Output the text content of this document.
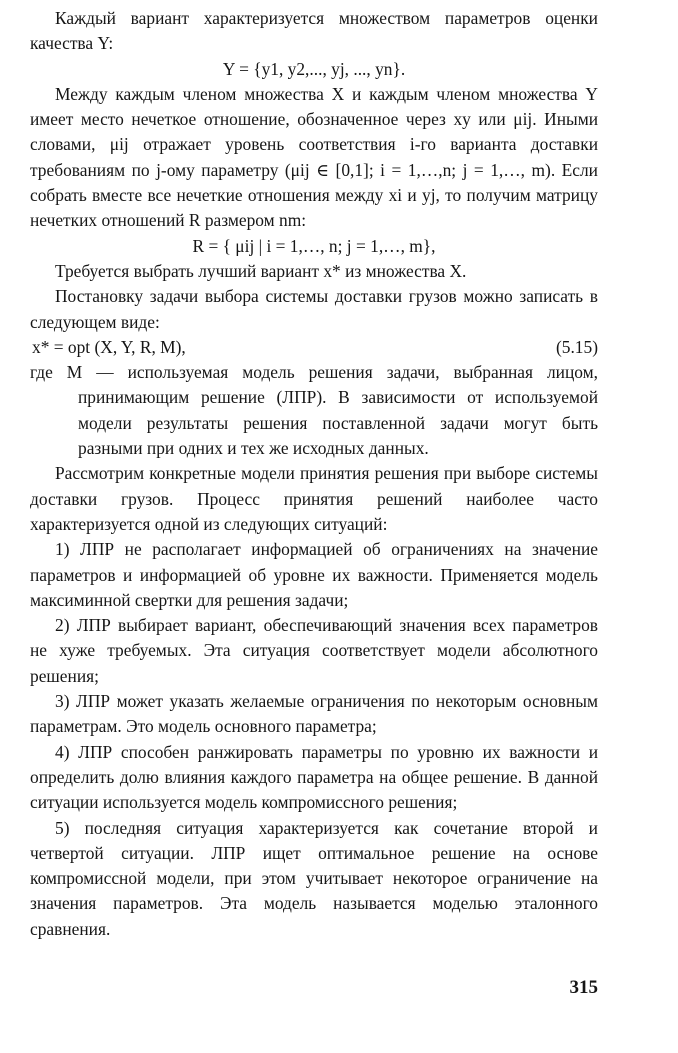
Каждый вариант характеризуется множеством параметров оценки качества Y:

Y = {y1, y2,..., yj, ..., yn}.

Между каждым членом множества X и каждым членом множества Y имеет место нечеткое отношение, обозначенное через xy или μij. Иными словами, μij отражает уровень соответствия i-го варианта доставки требованиям по j-ому параметру (μij ∈ [0,1]; i = 1,…,n; j = 1,…, m). Если собрать вместе все нечеткие отношения между xi и yj, то получим матрицу нечетких отношений R размером nm:

R = { μij | i = 1,…, n; j = 1,…, m},

Требуется выбрать лучший вариант x* из множества X.

Постановку задачи выбора системы доставки грузов можно записать в следующем виде:

x* = opt (X, Y, R, M),	(5.15)

где M — используемая модель решения задачи, выбранная лицом, принимающим решение (ЛПР). В зависимости от используемой модели результаты решения поставленной задачи могут быть разными при одних и тех же исходных данных.

Рассмотрим конкретные модели принятия решения при выборе системы доставки грузов. Процесс принятия решений наиболее часто характеризуется одной из следующих ситуаций:

1) ЛПР не располагает информацией об ограничениях на значение параметров и информацией об уровне их важности. Применяется модель максиминной свертки для решения задачи;

2) ЛПР выбирает вариант, обеспечивающий значения всех параметров не хуже требуемых. Эта ситуация соответствует модели абсолютного решения;

3) ЛПР может указать желаемые ограничения по некоторым основным параметрам. Это модель основного параметра;

4) ЛПР способен ранжировать параметры по уровню их важности и определить долю влияния каждого параметра на общее решение. В данной ситуации используется модель компромиссного решения;

5) последняя ситуация характеризуется как сочетание второй и четвертой ситуации. ЛПР ищет оптимальное решение на основе компромиссной модели, при этом учитывает некоторое ограничение на значения параметров. Эта модель называется моделью эталонного сравнения.

315
